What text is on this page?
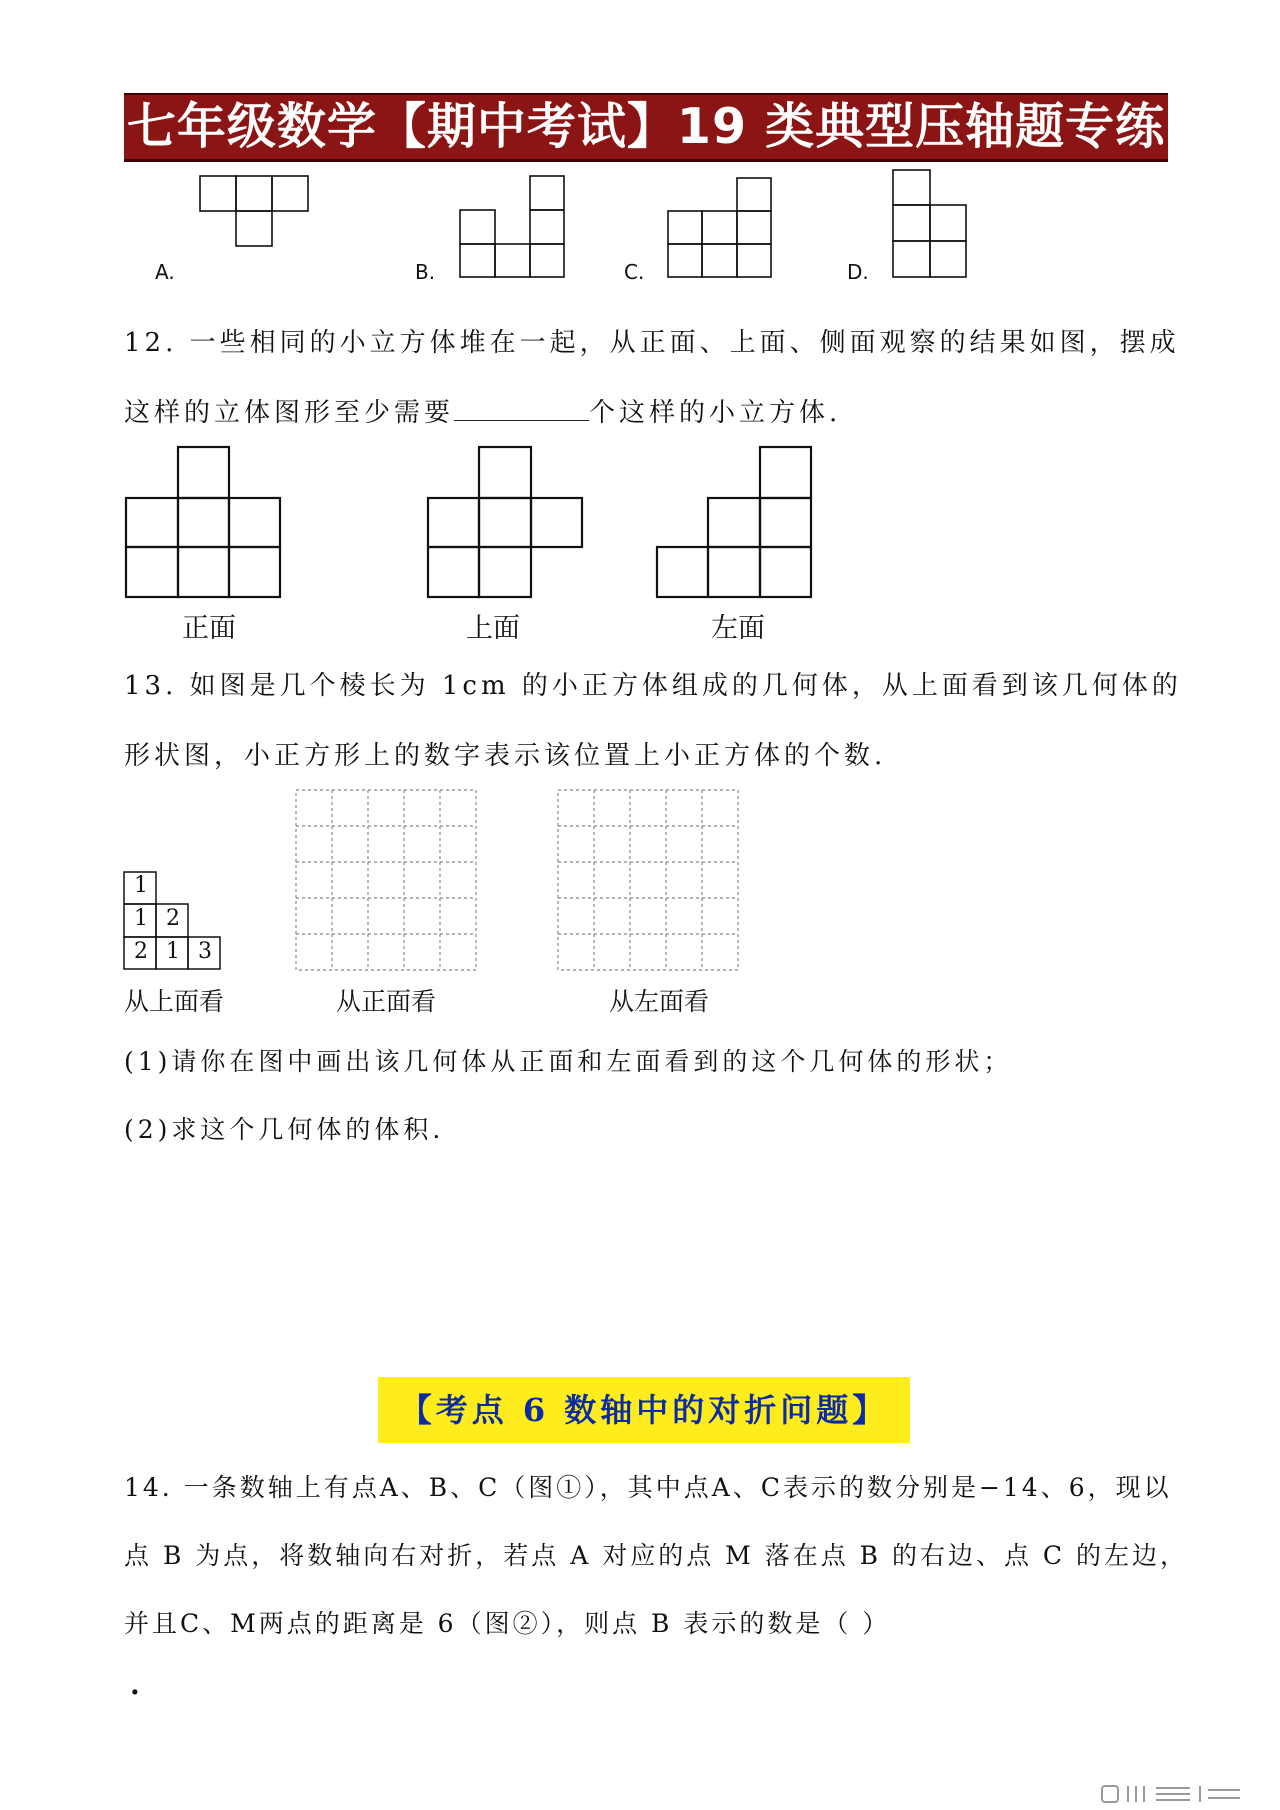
七年级数学【期中考试】19 类典型压轴题专练
A.	B.	C.	D.
12. 一些相同的小立方体堆在一起，从正面、上面、侧面观察的结果如图，摆成
这样的立体图形至少需要	个这样的小立方体.
正面	上面	左面
13. 如图是几个棱长为 1cm 的小正方体组成的几何体，从上面看到该几何体的
形状图，小正方形上的数字表示该位置上小正方体的个数.
1
1 2
2 1 3
从上面看	从正面看	从左面看
(1)请你在图中画出该几何体从正面和左面看到的这个几何体的形状；
(2)求这个几何体的体积.
【考点 6 数轴中的对折问题】
14. 一条数轴上有点A、B、C（图①），其中点A、C表示的数分别是−14、6，现以
点 B 为点，将数轴向右对折，若点 A 对应的点 M 落在点 B 的右边、点 C 的左边，
并且C、M两点的距离是 6（图②），则点 B 表示的数是（ ）
.
